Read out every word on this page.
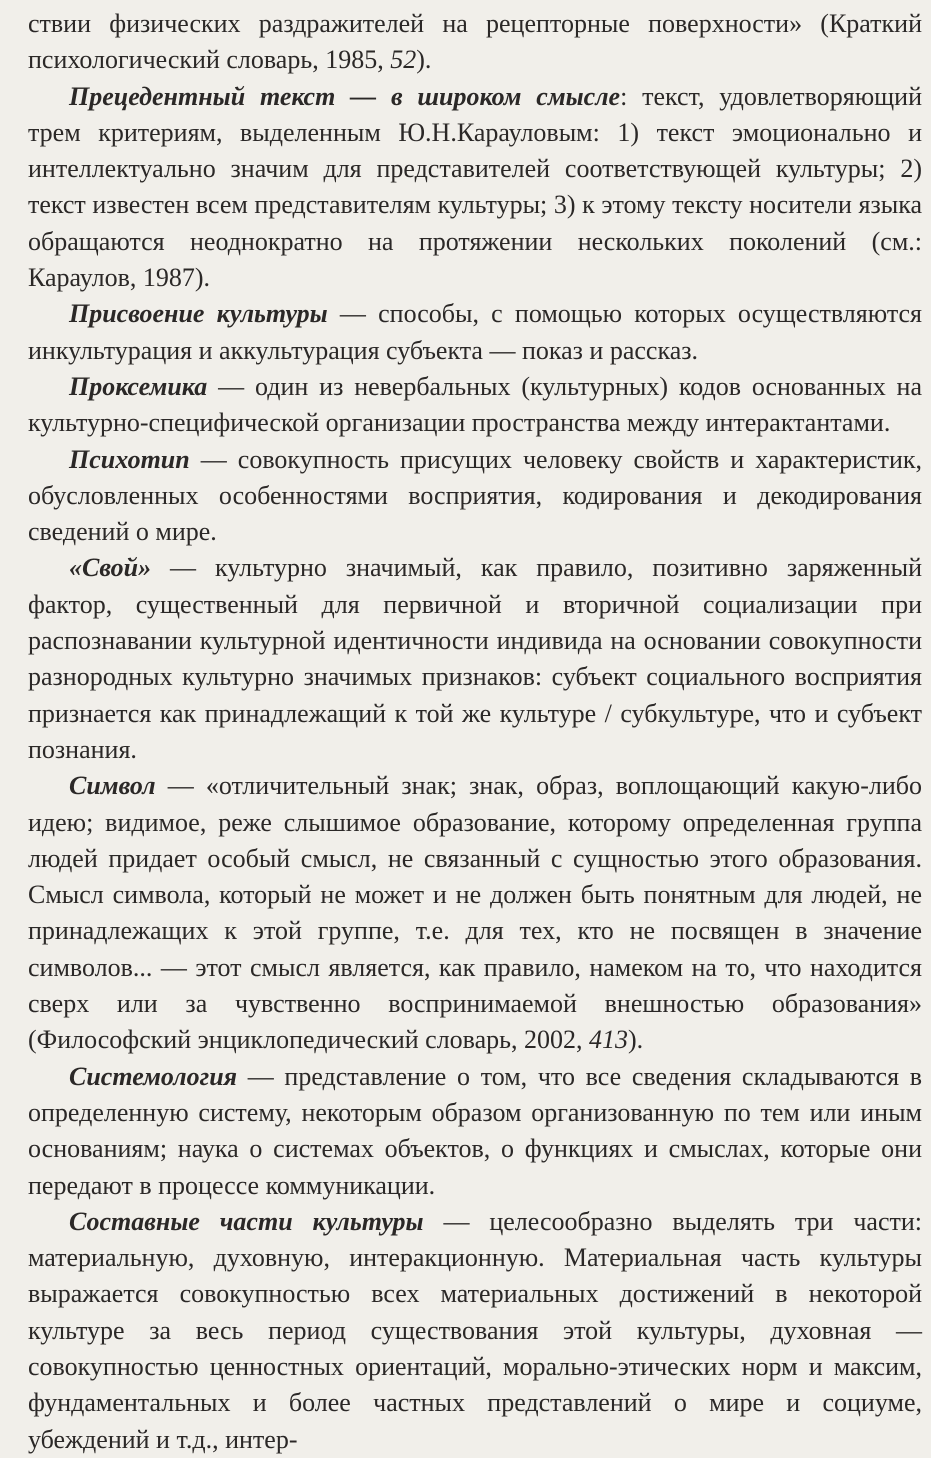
ствии физических раздражителей на рецепторные поверхности» (Краткий психологический словарь, 1985, 52).

Прецедентный текст — в широком смысле: текст, удовлетворяющий трем критериям, выделенным Ю.Н.Карауловым: 1) текст эмоционально и интеллектуально значим для представителей соответствующей культуры; 2) текст известен всем представителям культуры; 3) к этому тексту носители языка обращаются неоднократно на протяжении нескольких поколений (см.: Караулов, 1987).

Присвоение культуры — способы, с помощью которых осуществляются инкультурация и аккультурация субъекта — показ и рассказ.

Проксемика — один из невербальных (культурных) кодов основанных на культурно-специфической организации пространства между интерактантами.

Психотип — совокупность присущих человеку свойств и характеристик, обусловленных особенностями восприятия, кодирования и декодирования сведений о мире.

«Свой» — культурно значимый, как правило, позитивно заряженный фактор, существенный для первичной и вторичной социализации при распознавании культурной идентичности индивида на основании совокупности разнородных культурно значимых признаков: субъект социального восприятия признается как принадлежащий к той же культуре / субкультуре, что и субъект познания.

Символ — «отличительный знак; знак, образ, воплощающий какую-либо идею; видимое, реже слышимое образование, которому определенная группа людей придает особый смысл, не связанный с сущностью этого образования. Смысл символа, который не может и не должен быть понятным для людей, не принадлежащих к этой группе, т.е. для тех, кто не посвящен в значение символов... — этот смысл является, как правило, намеком на то, что находится сверх или за чувственно воспринимаемой внешностью образования» (Философский энциклопедический словарь, 2002, 413).

Системология — представление о том, что все сведения складываются в определенную систему, некоторым образом организованную по тем или иным основаниям; наука о системах объектов, о функциях и смыслах, которые они передают в процессе коммуникации.

Составные части культуры — целесообразно выделять три части: материальную, духовную, интеракционную. Материальная часть культуры выражается совокупностью всех материальных достижений в некоторой культуре за весь период существования этой культуры, духовная — совокупностью ценностных ориентаций, морально-этических норм и максим, фундаментальных и более частных представлений о мире и социуме, убеждений и т.д., интер-
